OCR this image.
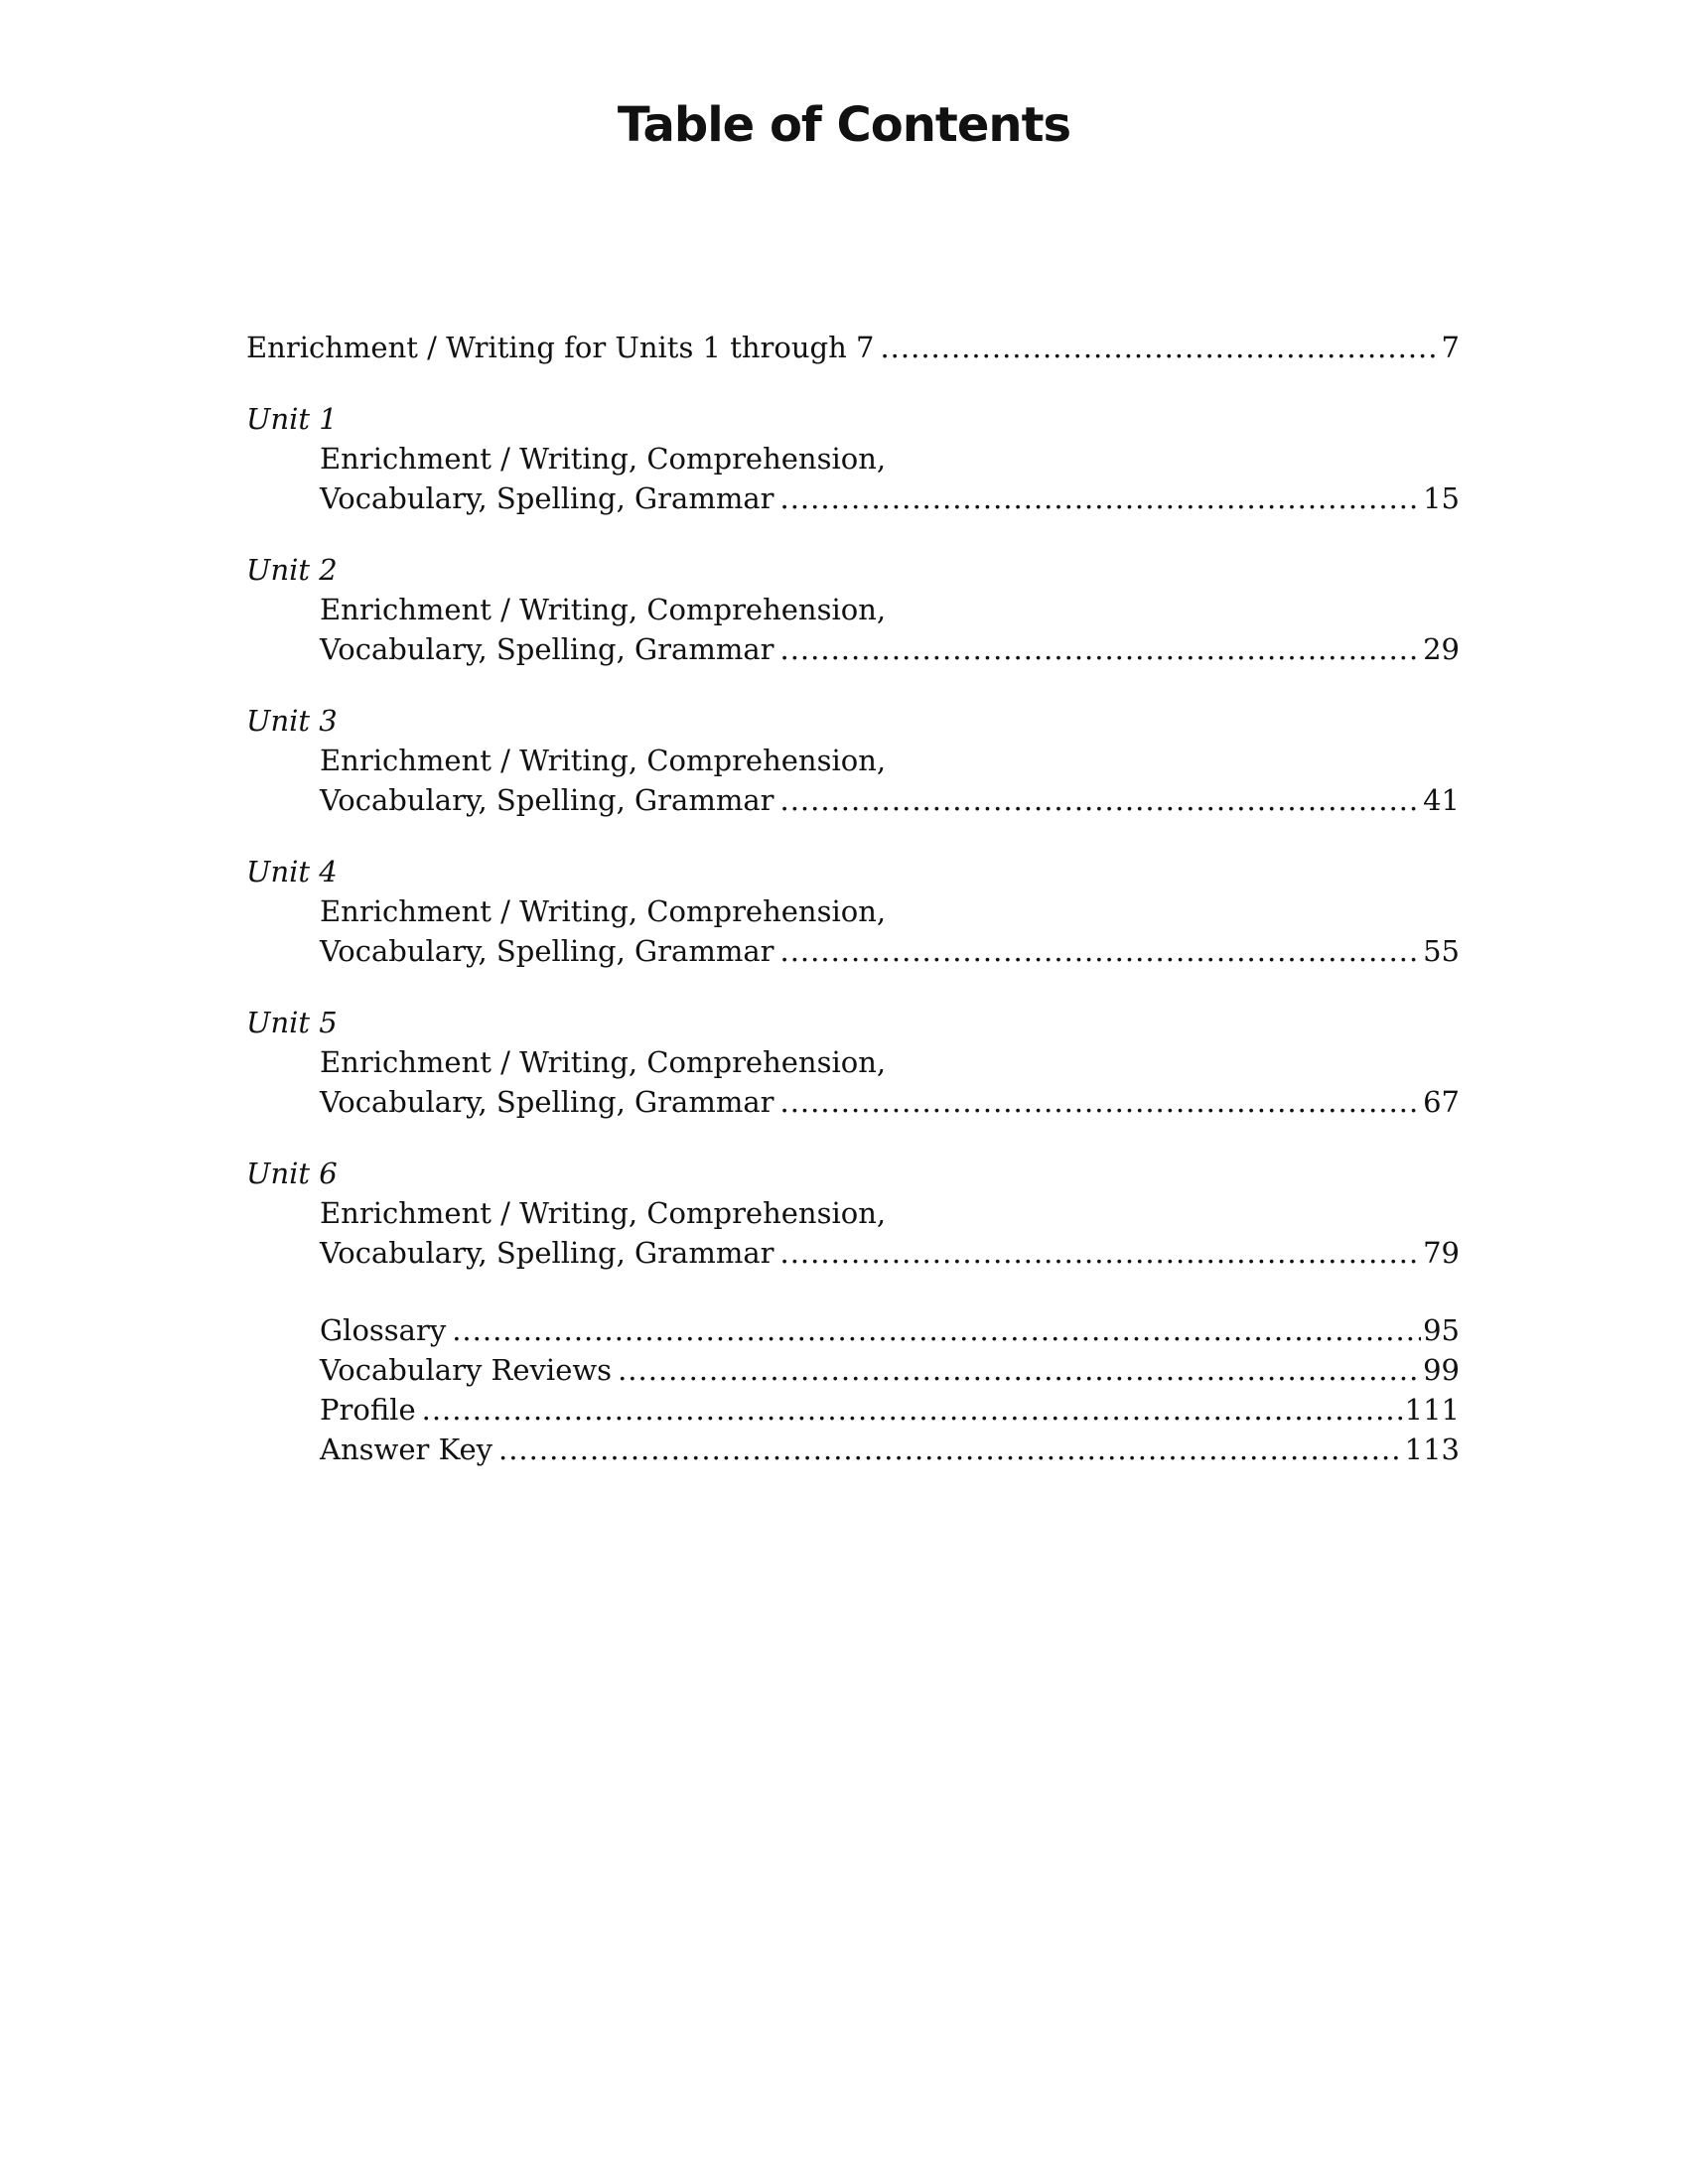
Table of Contents
Enrichment / Writing for Units 1 through 7 .....	7
Unit 1
Enrichment / Writing, Comprehension,
Vocabulary, Spelling, Grammar .....	15
Unit 2
Enrichment / Writing, Comprehension,
Vocabulary, Spelling, Grammar .....	29
Unit 3
Enrichment / Writing, Comprehension,
Vocabulary, Spelling, Grammar .....	41
Unit 4
Enrichment / Writing, Comprehension,
Vocabulary, Spelling, Grammar .....	55
Unit 5
Enrichment / Writing, Comprehension,
Vocabulary, Spelling, Grammar .....	67
Unit 6
Enrichment / Writing, Comprehension,
Vocabulary, Spelling, Grammar .....	79
Glossary .....	95
Vocabulary Reviews .....	99
Profile .....	111
Answer Key .....	113
